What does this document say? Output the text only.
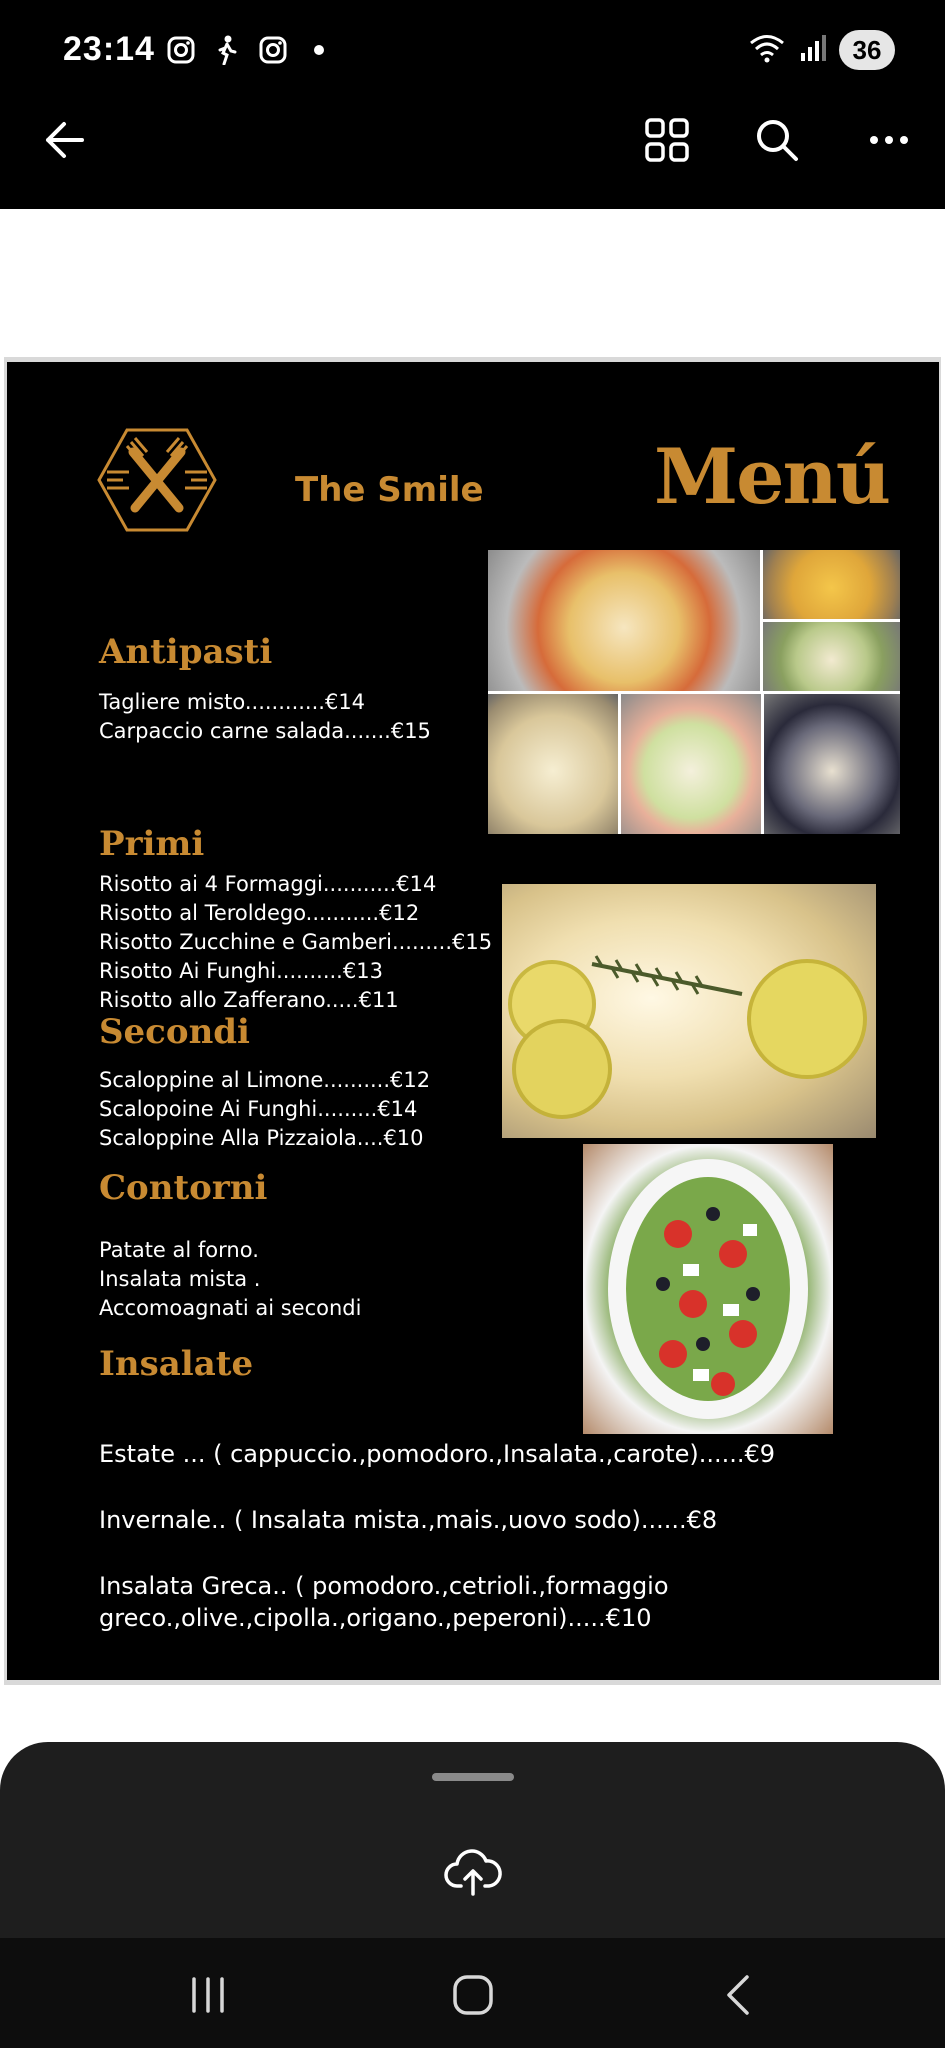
23:14	36
The Smile Menú
Antipasti
Tagliere misto............€14
Carpaccio carne salada.......€15
Primi
Risotto ai 4 Formaggi...........€14
Risotto al Teroldego...........€12
Risotto Zucchine e Gamberi.........€15
Risotto Ai Funghi..........€13
Risotto allo Zafferano.....€11
Secondi
Scaloppine al Limone..........€12
Scalopoine Ai Funghi.........€14
Scaloppine Alla Pizzaiola....€10
Contorni
Patate al forno.
Insalata mista .
Accomoagnati ai secondi
Insalate
Estate ... ( cappuccio.,pomodoro.,Insalata.,carote)......€9
Invernale.. ( Insalata mista.,mais.,uovo sodo)......€8
Insalata Greca.. ( pomodoro.,cetrioli.,formaggio
greco.,olive.,cipolla.,origano.,peperoni).....€10
